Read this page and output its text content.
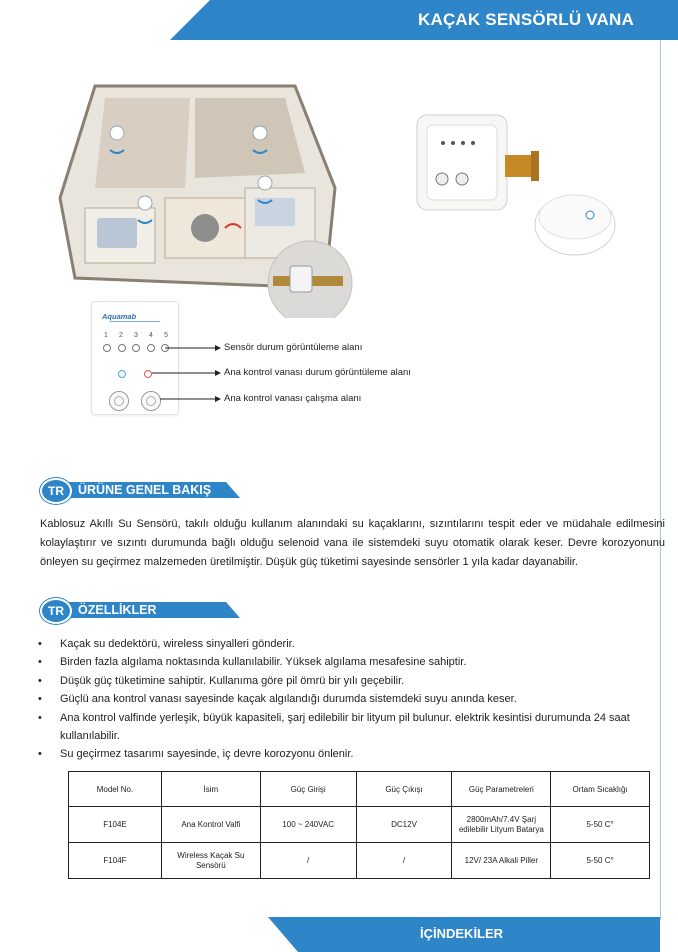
KAÇAK SENSÖRLÜ VANA
Aquamab
1 2 3 4 5
Sensör durum görüntüleme alanı
Ana kontrol vanası durum görüntüleme alanı
Ana kontrol vanası çalışma alanı
TR	ÜRÜNE GENEL BAKIŞ
Kablosuz Akıllı Su Sensörü, takılı olduğu kullanım alanındaki su kaçaklarını, sızıntılarını tespit eder ve müdahale edilmesini kolaylaştırır ve sızıntı durumunda bağlı olduğu selenoid vana ile sistemdeki suyu otomatik olarak keser. Devre korozyonunu önleyen su geçirmez malzemeden üretilmiştir. Düşük güç tüketimi sayesinde sensörler 1 yıla kadar dayanabilir.
TR	ÖZELLİKLER
• Kaçak su dedektörü, wireless sinyalleri gönderir.
• Birden fazla algılama noktasında kullanılabilir. Yüksek algılama mesafesine sahiptir.
• Düşük güç tüketimine sahiptir. Kullanıma göre pil ömrü bir yılı geçebilir.
• Güçlü ana kontrol vanası sayesinde kaçak algılandığı durumda sistemdeki suyu anında keser.
• Ana kontrol valfinde yerleşik, büyük kapasiteli, şarj edilebilir bir lityum pil bulunur. elektrik kesintisi durumunda 24 saat kullanılabilir.
• Su geçirmez tasarımı sayesinde, iç devre korozyonu önlenir.
Model No.	İsim	Güç Girişi	Güç Çıkışı	Güç Parametreleri	Ortam Sıcaklığı
F104E	Ana Kontrol Valfi	100 ~ 240VAC	DC12V	2800mAh/7.4V Şarj edilebilir Lityum Batarya	5-50 C°
F104F	Wireless Kaçak Su Sensörü	/	/	12V/ 23A Alkali Piller	5-50 C°
İÇİNDEKİLER
